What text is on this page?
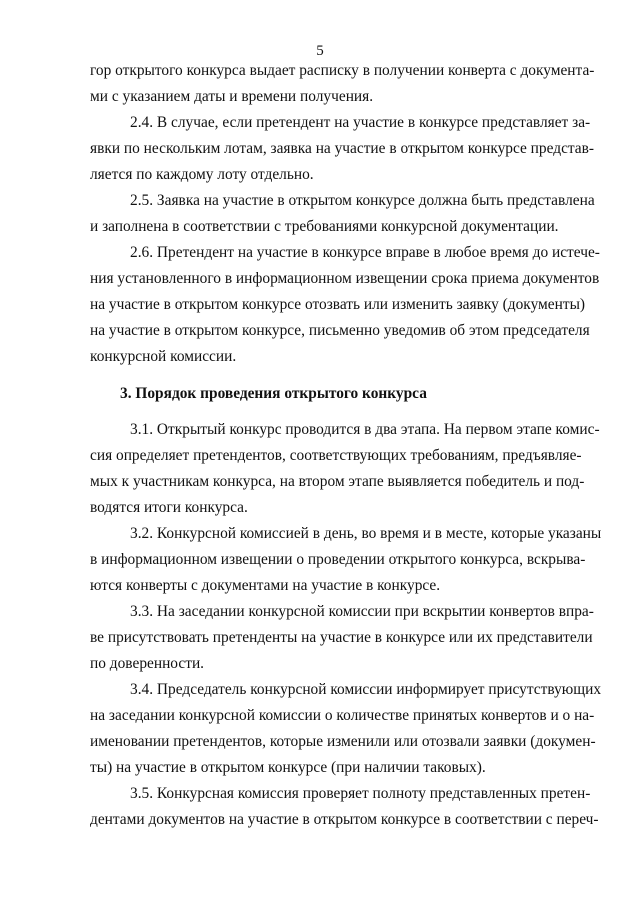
5
гор открытого конкурса выдает расписку в получении конверта с документа-
ми с указанием даты и времени получения.
2.4. В случае, если претендент на участие в конкурсе представляет за-
явки по нескольким лотам, заявка на участие в открытом конкурсе представ-
ляется по каждому лоту отдельно.
2.5. Заявка на участие в открытом конкурсе должна быть представлена
и заполнена в соответствии с требованиями конкурсной документации.
2.6. Претендент на участие в конкурсе вправе в любое время до истече-
ния установленного в информационном извещении срока приема документов
на участие в открытом конкурсе отозвать или изменить заявку (документы)
на участие в открытом конкурсе, письменно уведомив об этом председателя
конкурсной комиссии.
3. Порядок проведения открытого конкурса
3.1. Открытый конкурс проводится в два этапа. На первом этапе комис-
сия определяет претендентов, соответствующих требованиям, предъявляе-
мых к участникам конкурса, на втором этапе выявляется победитель и под-
водятся итоги конкурса.
3.2. Конкурсной комиссией в день, во время и в месте, которые указаны
в информационном извещении о проведении открытого конкурса, вскрыва-
ются конверты с документами на участие в конкурсе.
3.3. На заседании конкурсной комиссии при вскрытии конвертов впра-
ве присутствовать претенденты на участие в конкурсе или их представители
по доверенности.
3.4. Председатель конкурсной комиссии информирует присутствующих
на заседании конкурсной комиссии о количестве принятых конвертов и о на-
именовании претендентов, которые изменили или отозвали заявки (докумен-
ты) на участие в открытом конкурсе (при наличии таковых).
3.5. Конкурсная комиссия проверяет полноту представленных претен-
дентами документов на участие в открытом конкурсе в соответствии с переч-
